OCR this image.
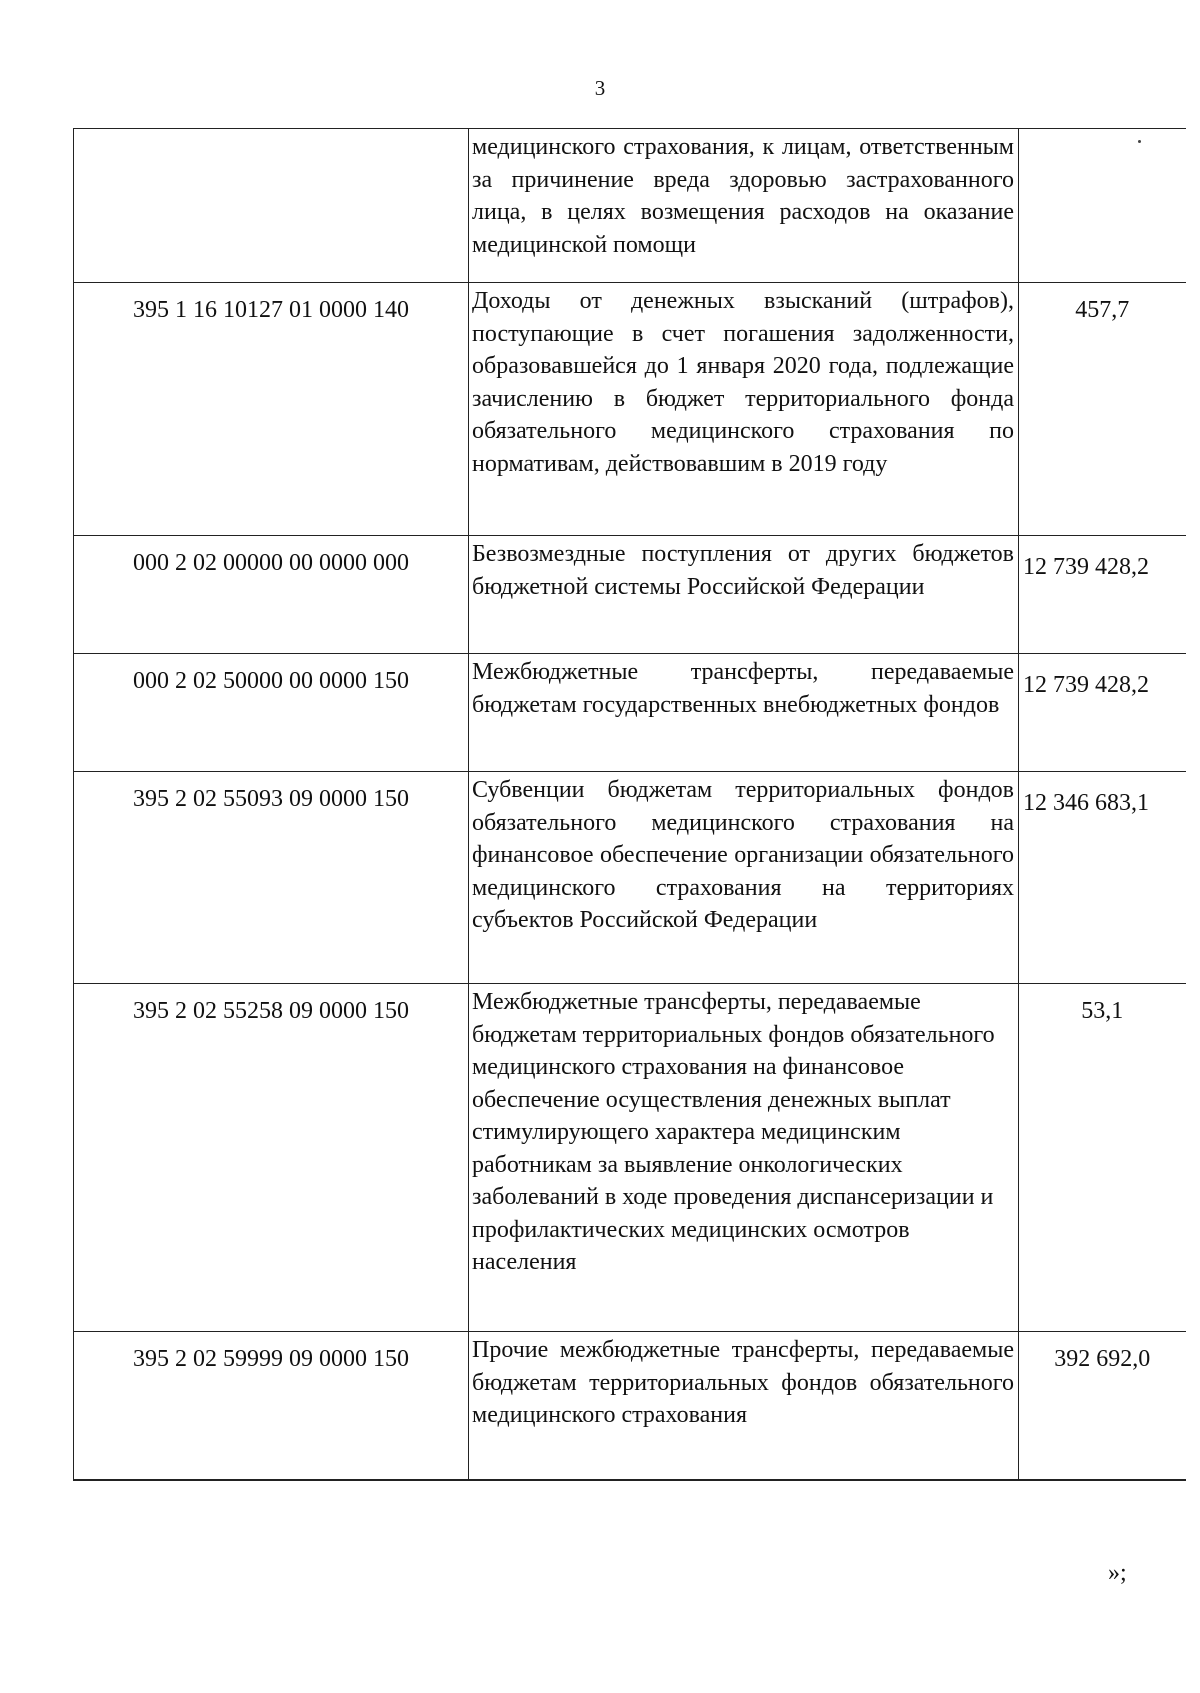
3
	медицинского страхования, к лицам, ответственным за причинение вреда здоровью застрахованного лица, в целях возмещения расходов на оказание медицинской помощи	
395 1 16 10127 01 0000 140	Доходы от денежных взысканий (штрафов), поступающие в счет погашения задолженности, образовавшейся до 1 января 2020 года, подлежащие зачислению в бюджет территориального фонда обязательного медицинского страхования по нормативам, действовавшим в 2019 году	457,7
000 2 02 00000 00 0000 000	Безвозмездные поступления от других бюджетов бюджетной системы Российской Федерации	12 739 428,2
000 2 02 50000 00 0000 150	Межбюджетные трансферты, передаваемые бюджетам государственных внебюджетных фондов	12 739 428,2
395 2 02 55093 09 0000 150	Субвенции бюджетам территориальных фондов обязательного медицинского страхования на финансовое обеспечение организации обязательного медицинского страхования на территориях субъектов Российской Федерации	12 346 683,1
395 2 02 55258 09 0000 150	Межбюджетные трансферты, передаваемые бюджетам территориальных фондов обязательного медицинского страхования на финансовое обеспечение осуществления денежных выплат стимулирующего характера медицинским работникам за выявление онкологических заболеваний в ходе проведения диспансеризации и профилактических медицинских осмотров населения	53,1
395 2 02 59999 09 0000 150	Прочие межбюджетные трансферты, передаваемые бюджетам территориальных фондов обязательного медицинского страхования	392 692,0
»;
